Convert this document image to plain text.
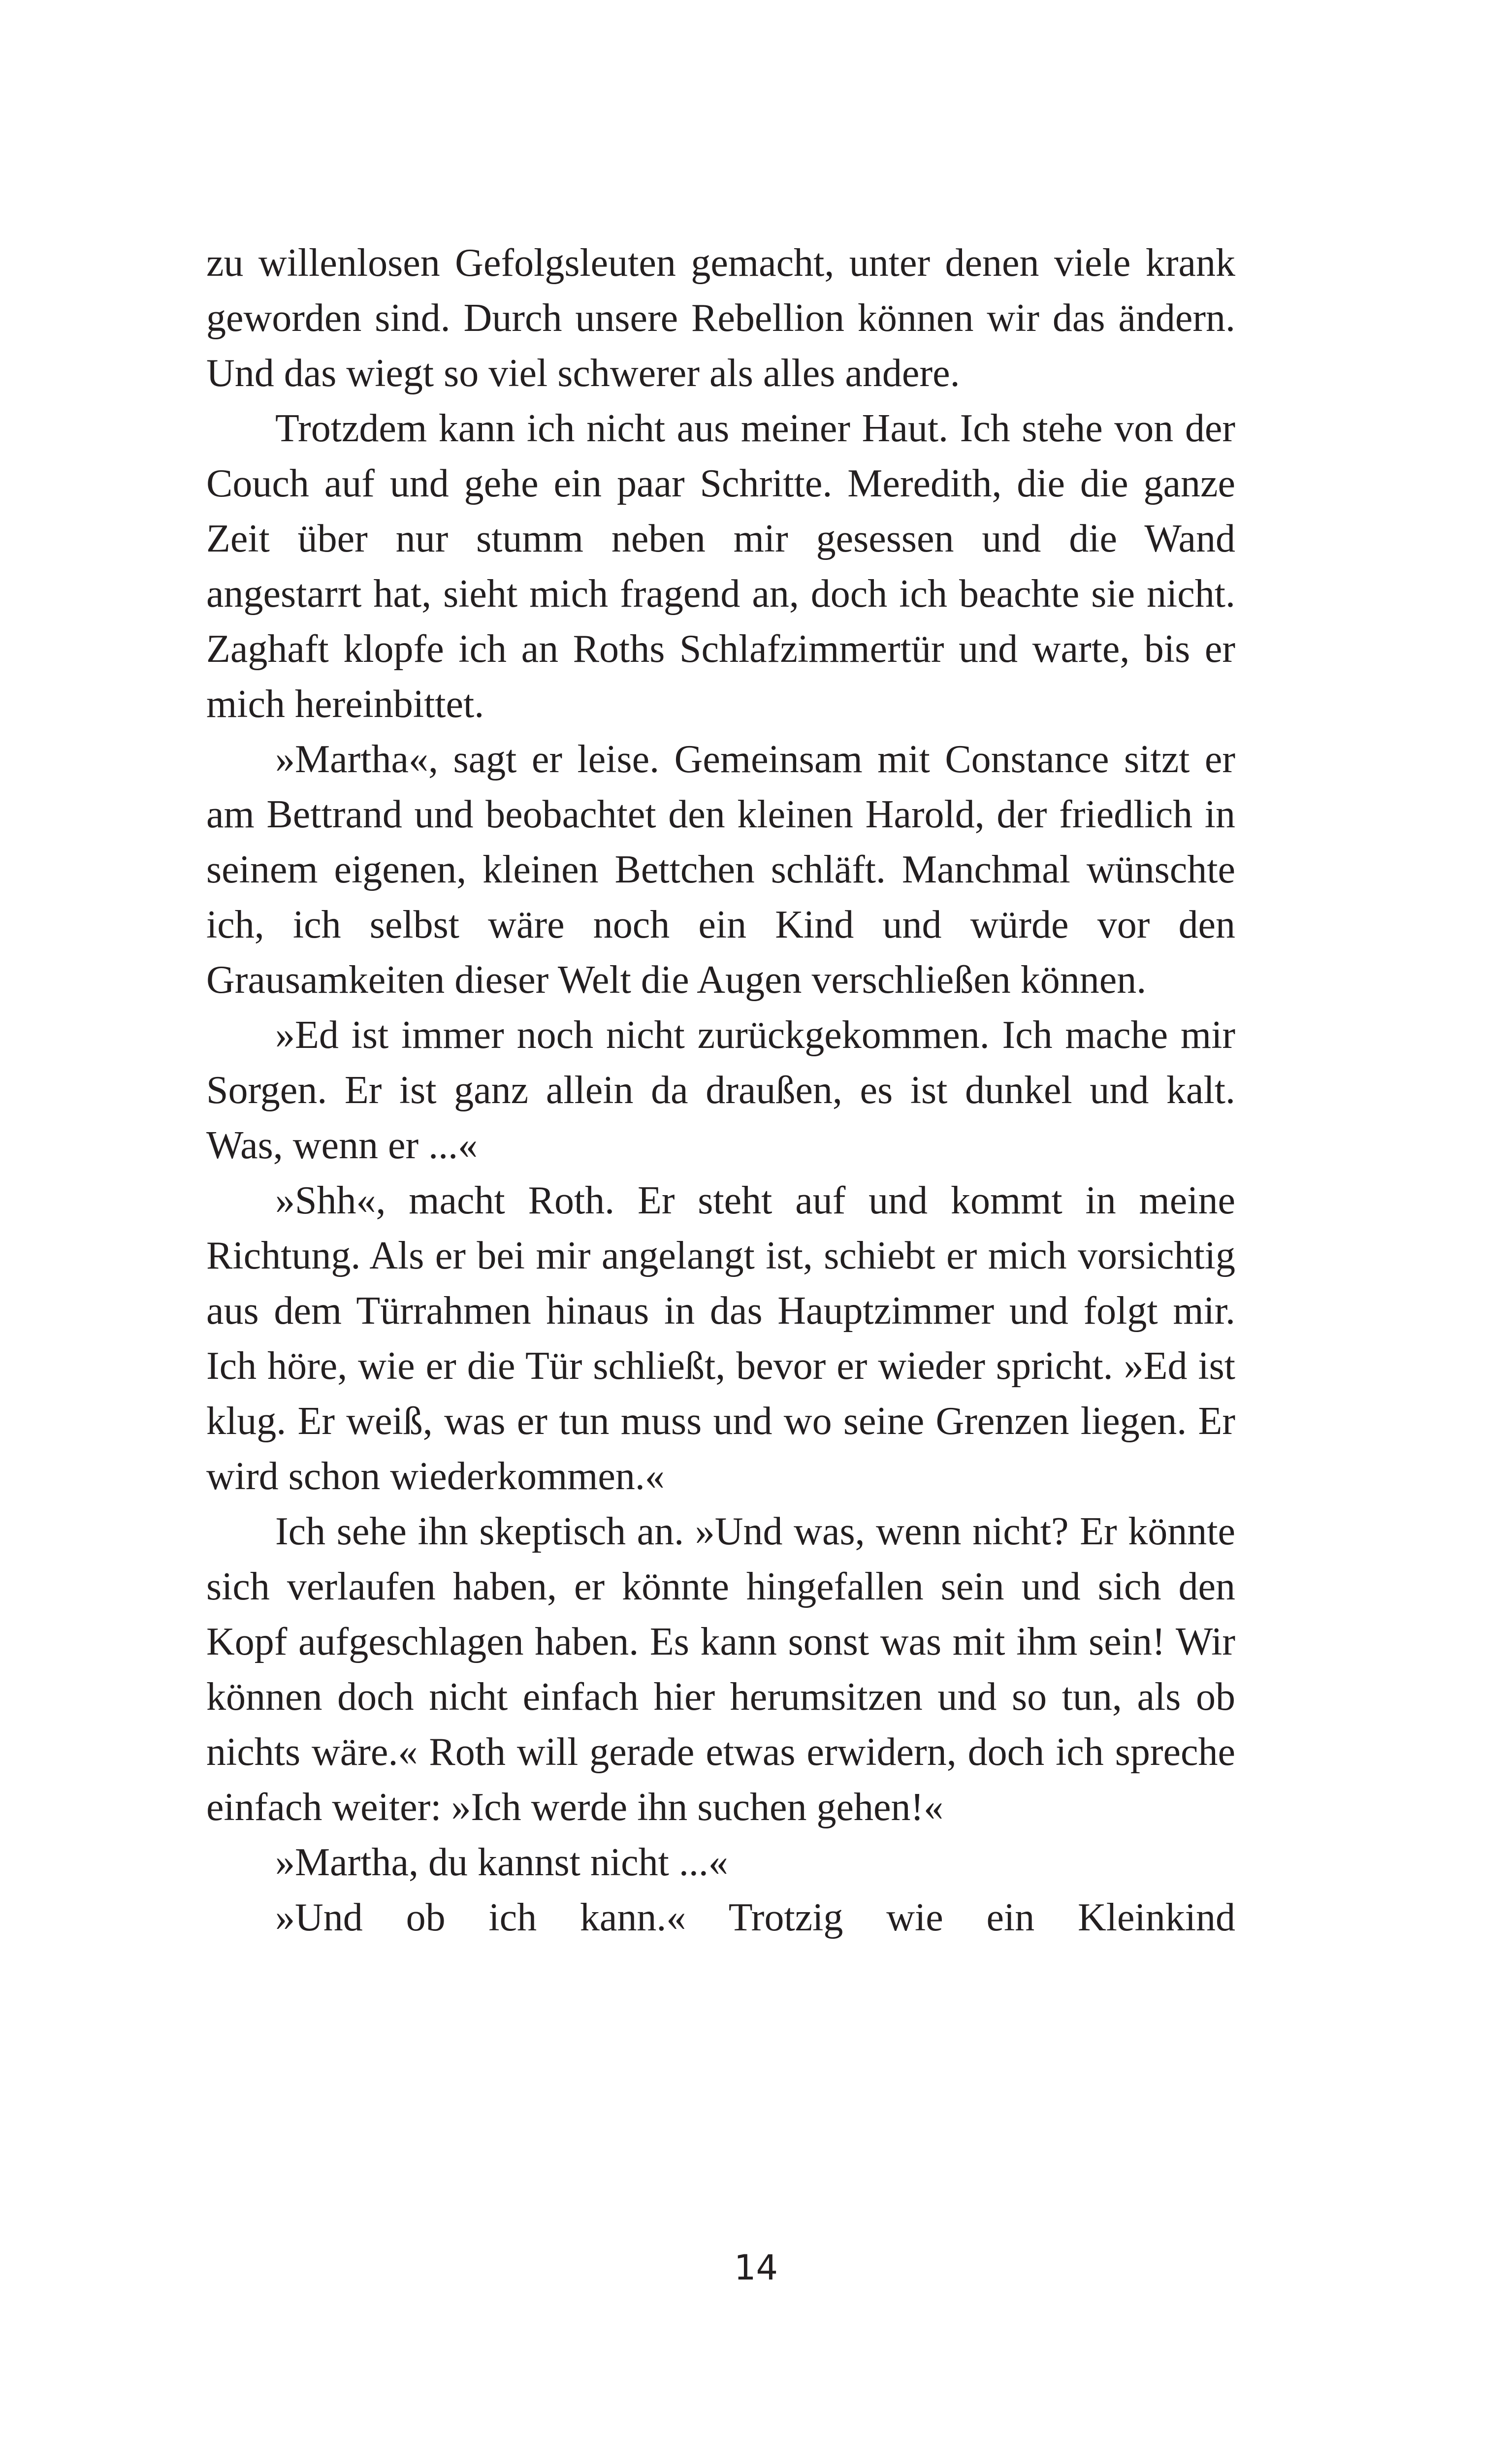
zu willenlosen Gefolgsleuten gemacht, unter denen viele krank geworden sind. Durch unsere Rebellion können wir das ändern. Und das wiegt so viel schwerer als alles andere.

Trotzdem kann ich nicht aus meiner Haut. Ich stehe von der Couch auf und gehe ein paar Schritte. Meredith, die die ganze Zeit über nur stumm neben mir gesessen und die Wand angestarrt hat, sieht mich fragend an, doch ich beachte sie nicht. Zaghaft klopfe ich an Roths Schlafzimmertür und warte, bis er mich hereinbittet.

»Martha«, sagt er leise. Gemeinsam mit Constance sitzt er am Bettrand und beobachtet den kleinen Harold, der friedlich in seinem eigenen, kleinen Bettchen schläft. Manchmal wünschte ich, ich selbst wäre noch ein Kind und würde vor den Grausamkeiten dieser Welt die Augen verschließen können.

»Ed ist immer noch nicht zurückgekommen. Ich mache mir Sorgen. Er ist ganz allein da draußen, es ist dunkel und kalt. Was, wenn er ...«

»Shh«, macht Roth. Er steht auf und kommt in meine Richtung. Als er bei mir angelangt ist, schiebt er mich vorsichtig aus dem Türrahmen hinaus in das Hauptzimmer und folgt mir. Ich höre, wie er die Tür schließt, bevor er wieder spricht. »Ed ist klug. Er weiß, was er tun muss und wo seine Grenzen liegen. Er wird schon wiederkommen.«

Ich sehe ihn skeptisch an. »Und was, wenn nicht? Er könnte sich verlaufen haben, er könnte hingefallen sein und sich den Kopf aufgeschlagen haben. Es kann sonst was mit ihm sein! Wir können doch nicht einfach hier herumsitzen und so tun, als ob nichts wäre.« Roth will gerade etwas erwidern, doch ich spreche einfach weiter: »Ich werde ihn suchen gehen!«

»Martha, du kannst nicht ...«

»Und ob ich kann.« Trotzig wie ein Kleinkind

14
